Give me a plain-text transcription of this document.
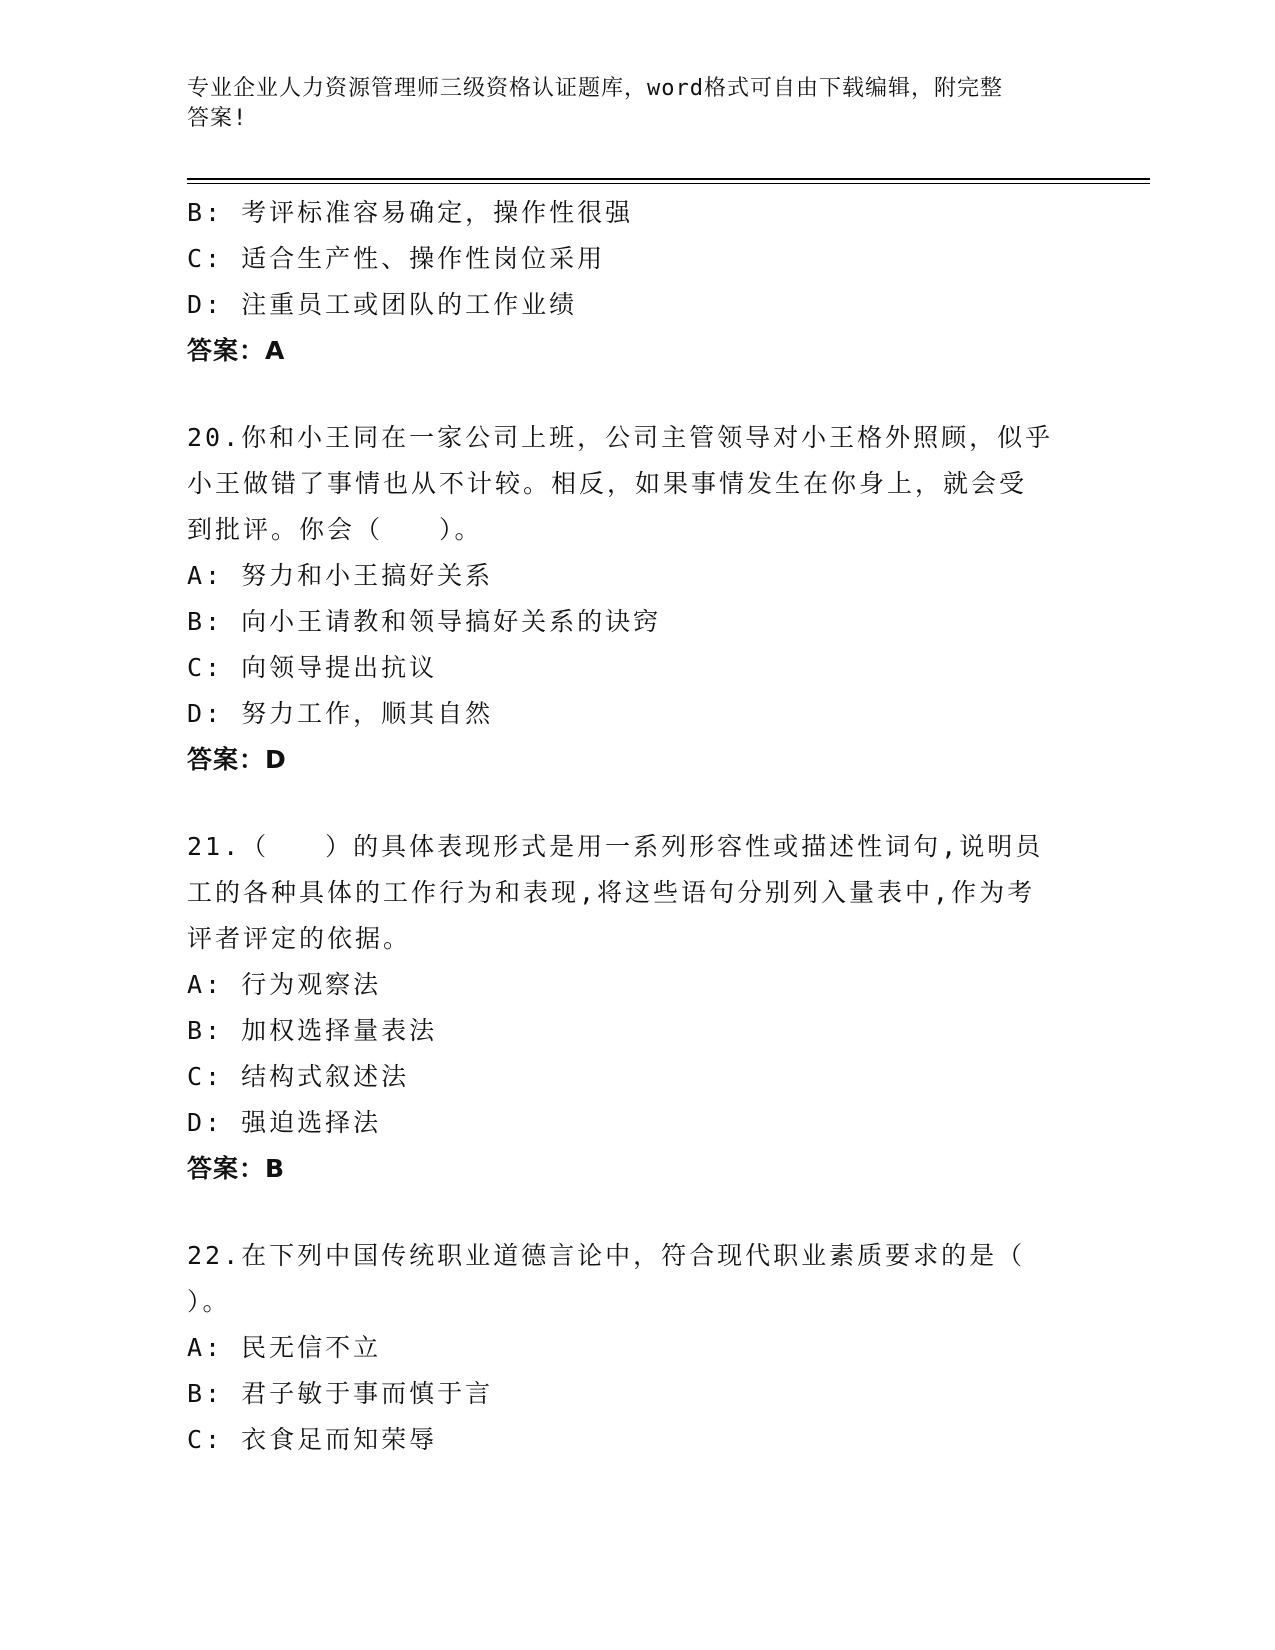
专业企业人力资源管理师三级资格认证题库，word格式可自由下载编辑，附完整
答案!
B: 考评标准容易确定，操作性很强
C: 适合生产性、操作性岗位采用
D: 注重员工或团队的工作业绩
答案：A
20.你和小王同在一家公司上班，公司主管领导对小王格外照顾，似乎
小王做错了事情也从不计较。相反，如果事情发生在你身上，就会受
到批评。你会（　　）。
A: 努力和小王搞好关系
B: 向小王请教和领导搞好关系的诀窍
C: 向领导提出抗议
D: 努力工作，顺其自然
答案：D
21.（　　）的具体表现形式是用一系列形容性或描述性词句,说明员
工的各种具体的工作行为和表现,将这些语句分别列入量表中,作为考
评者评定的依据。
A: 行为观察法
B: 加权选择量表法
C: 结构式叙述法
D: 强迫选择法
答案：B
22.在下列中国传统职业道德言论中，符合现代职业素质要求的是（
）。
A: 民无信不立
B: 君子敏于事而慎于言
C: 衣食足而知荣辱
